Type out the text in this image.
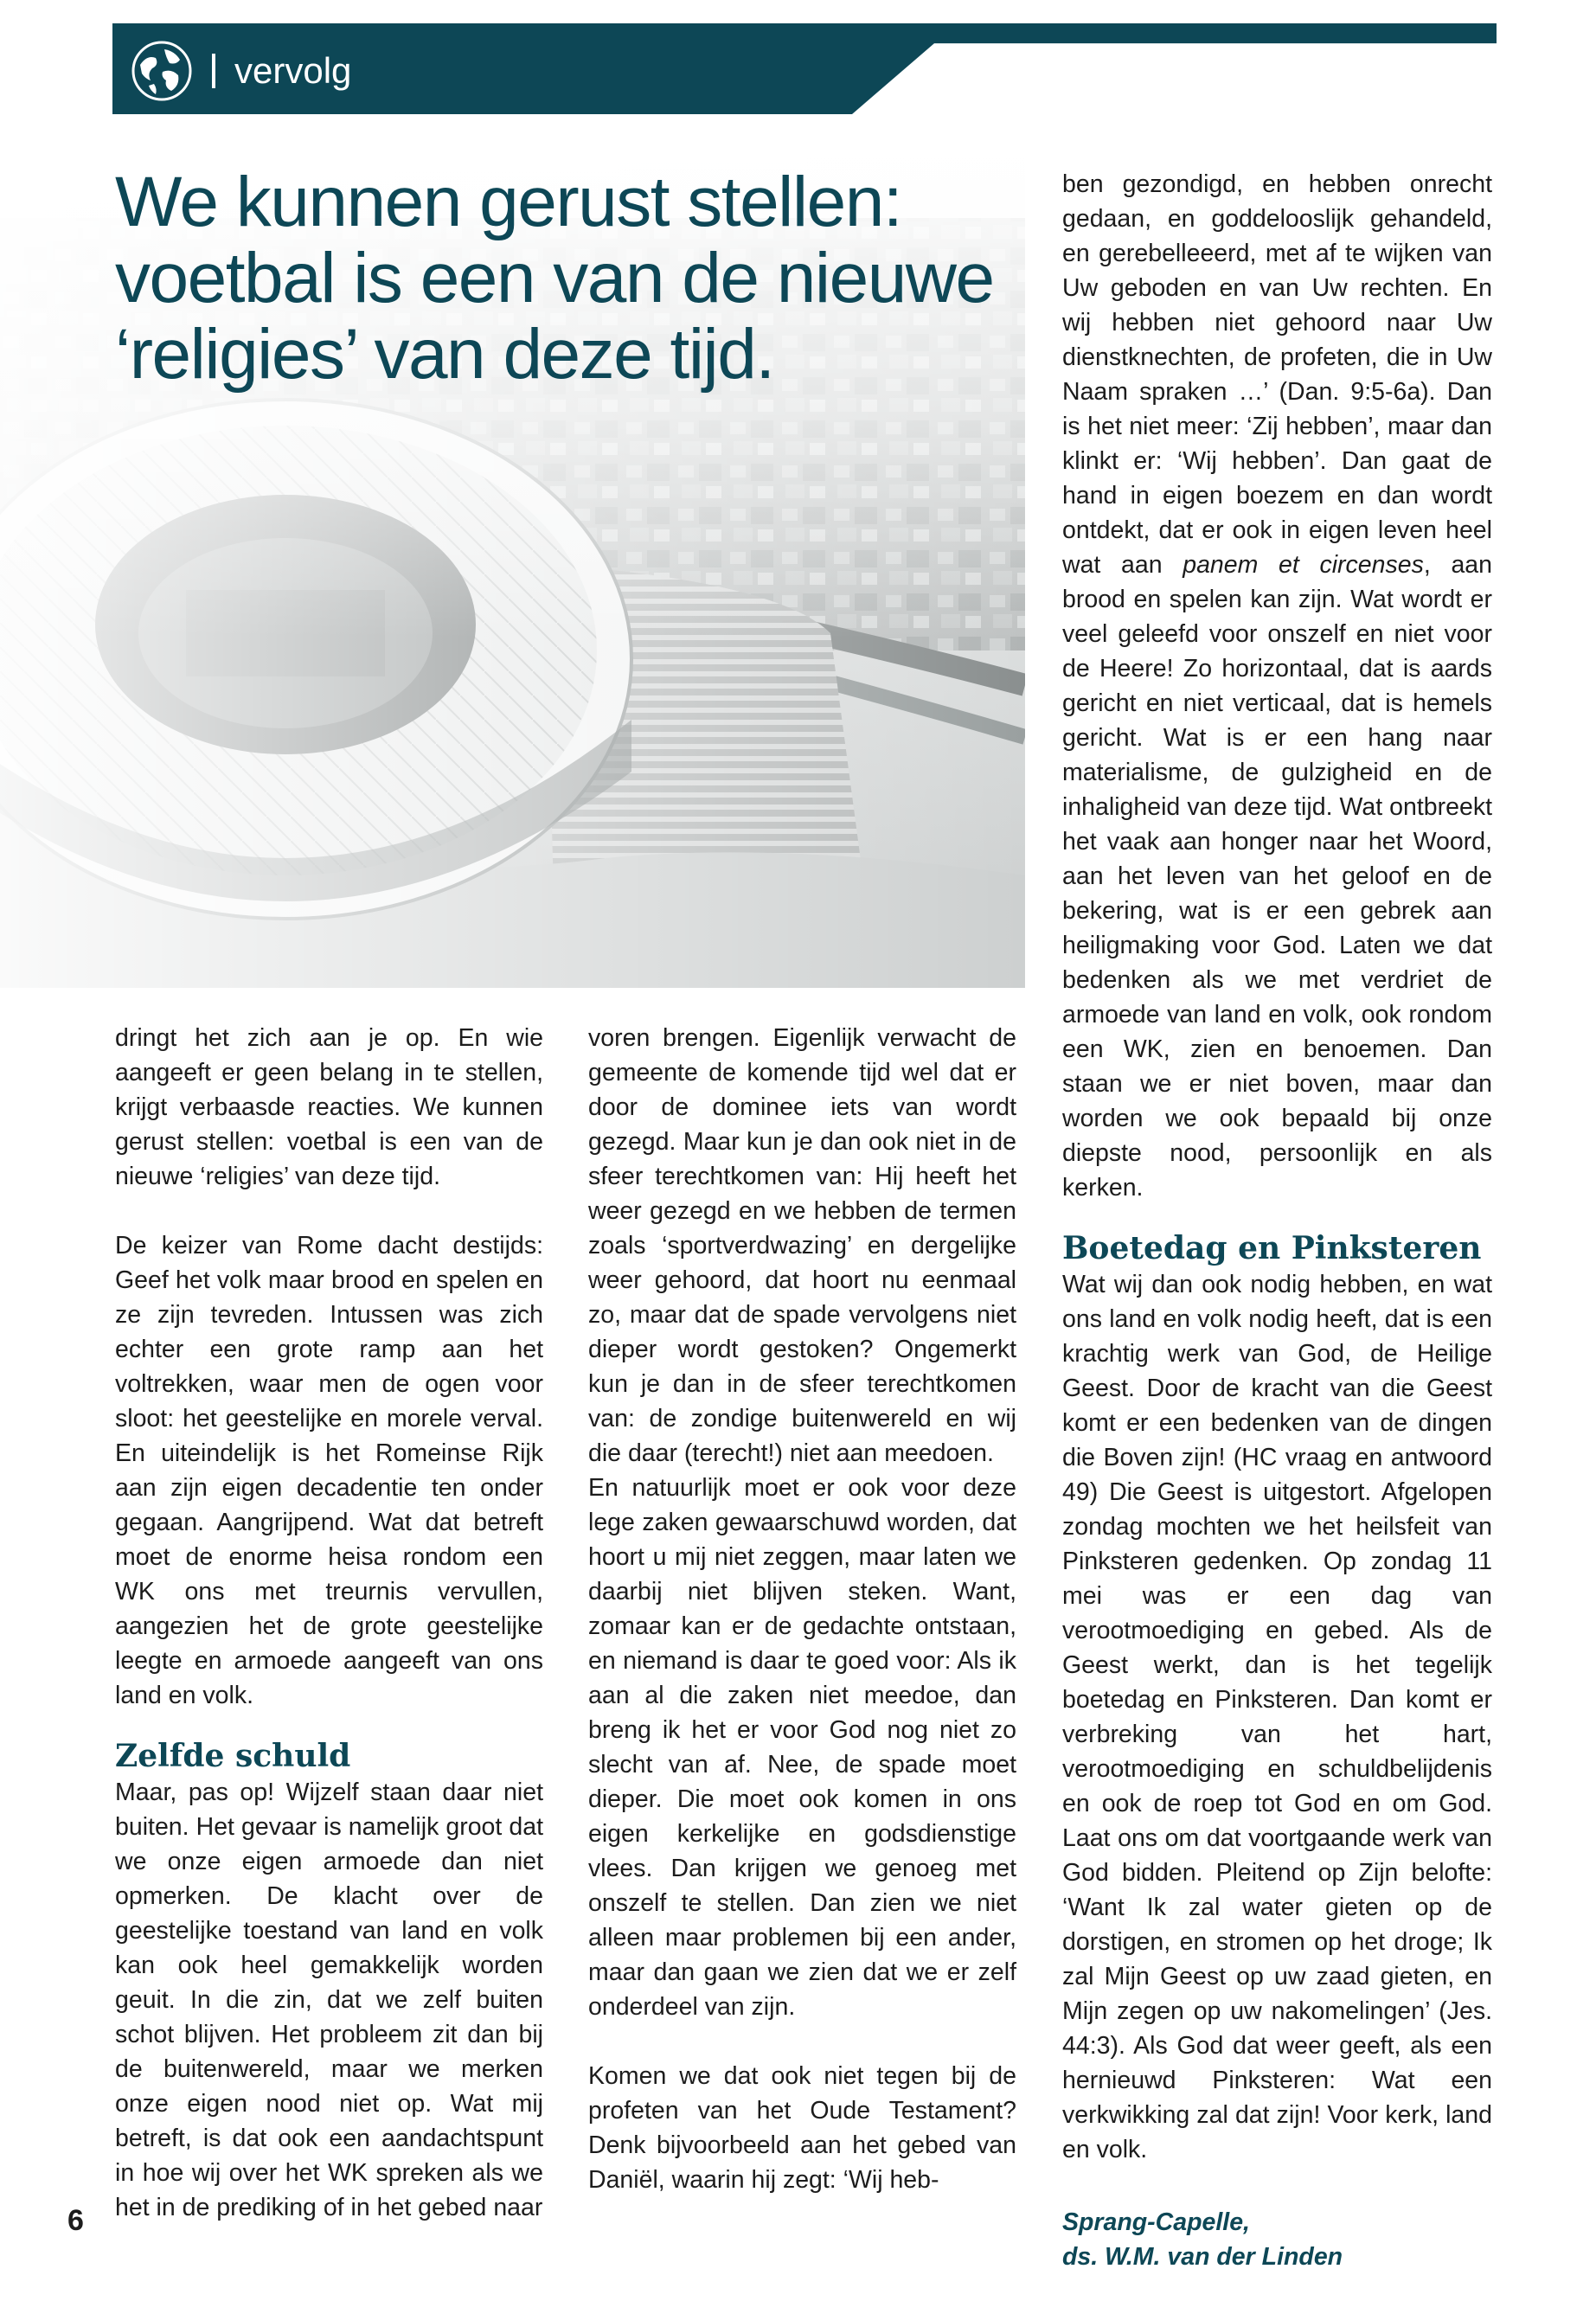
vervolg
We kunnen gerust stellen:
voetbal is een van de nieuwe
‘religies’ van deze tijd.

dringt het zich aan je op. En wie aangeeft er geen belang in te stellen, krijgt verbaasde reacties. We kunnen gerust stellen: voetbal is een van de nieuwe ‘religies’ van deze tijd.

De keizer van Rome dacht destijds: Geef het volk maar brood en spelen en ze zijn tevreden. Intussen was zich echter een grote ramp aan het voltrekken, waar men de ogen voor sloot: het geestelijke en morele verval. En uiteindelijk is het Romeinse Rijk aan zijn eigen decadentie ten onder gegaan. Aangrijpend. Wat dat betreft moet de enorme heisa rondom een WK ons met treurnis vervullen, aangezien het de grote geestelijke leegte en armoede aangeeft van ons land en volk.

Zelfde schuld

Maar, pas op! Wijzelf staan daar niet buiten. Het gevaar is namelijk groot dat we onze eigen armoede dan niet opmerken. De klacht over de geestelijke toestand van land en volk kan ook heel gemakkelijk worden geuit. In die zin, dat we zelf buiten schot blijven. Het probleem zit dan bij de buitenwereld, maar we merken onze eigen nood niet op. Wat mij betreft, is dat ook een aandachtspunt in hoe wij over het WK spreken als we het in de prediking of in het gebed naar

voren brengen. Eigenlijk verwacht de gemeente de komende tijd wel dat er door de dominee iets van wordt gezegd. Maar kun je dan ook niet in de sfeer terechtkomen van: Hij heeft het weer gezegd en we hebben de termen zoals ‘sportverdwazing’ en dergelijke weer gehoord, dat hoort nu eenmaal zo, maar dat de spade vervolgens niet dieper wordt gestoken? Ongemerkt kun je dan in de sfeer terechtkomen van: de zondige buitenwereld en wij die daar (terecht!) niet aan meedoen.

En natuurlijk moet er ook voor deze lege zaken gewaarschuwd worden, dat hoort u mij niet zeggen, maar laten we daarbij niet blijven steken. Want, zomaar kan er de gedachte ontstaan, en niemand is daar te goed voor: Als ik aan al die zaken niet meedoe, dan breng ik het er voor God nog niet zo slecht van af. Nee, de spade moet dieper. Die moet ook komen in ons eigen kerkelijke en godsdienstige vlees. Dan krijgen we genoeg met onszelf te stellen. Dan zien we niet alleen maar problemen bij een ander, maar dan gaan we zien dat we er zelf onderdeel van zijn.

Komen we dat ook niet tegen bij de profeten van het Oude Testament? Denk bijvoorbeeld aan het gebed van Daniël, waarin hij zegt: ‘Wij heb-

ben gezondigd, en hebben onrecht gedaan, en goddelooslijk gehandeld, en gerebelleeerd, met af te wijken van Uw geboden en van Uw rechten. En wij hebben niet gehoord naar Uw dienstknechten, de profeten, die in Uw Naam spraken …’ (Dan. 9:5-6a). Dan is het niet meer: ‘Zij hebben’, maar dan klinkt er: ‘Wij hebben’. Dan gaat de hand in eigen boezem en dan wordt ontdekt, dat er ook in eigen leven heel wat aan panem et circenses, aan brood en spelen kan zijn. Wat wordt er veel geleefd voor onszelf en niet voor de Heere! Zo horizontaal, dat is aards gericht en niet verticaal, dat is hemels gericht. Wat is er een hang naar materialisme, de gulzigheid en de inhaligheid van deze tijd. Wat ontbreekt het vaak aan honger naar het Woord, aan het leven van het geloof en de bekering, wat is er een gebrek aan heiligmaking voor God. Laten we dat bedenken als we met verdriet de armoede van land en volk, ook rondom een WK, zien en benoemen. Dan staan we er niet boven, maar dan worden we ook bepaald bij onze diepste nood, persoonlijk en als kerken.

Boetedag en Pinksteren

Wat wij dan ook nodig hebben, en wat ons land en volk nodig heeft, dat is een krachtig werk van God, de Heilige Geest. Door de kracht van die Geest komt er een bedenken van de dingen die Boven zijn! (HC vraag en antwoord 49) Die Geest is uitgestort. Afgelopen zondag mochten we het heilsfeit van Pinksteren gedenken. Op zondag 11 mei was er een dag van verootmoediging en gebed. Als de Geest werkt, dan is het tegelijk boetedag en Pinksteren. Dan komt er verbreking van het hart, verootmoediging en schuldbelijdenis en ook de roep tot God en om God. Laat ons om dat voortgaande werk van God bidden. Pleitend op Zijn belofte: ‘Want Ik zal water gieten op de dorstigen, en stromen op het droge; Ik zal Mijn Geest op uw zaad gieten, en Mijn zegen op uw nakomelingen’ (Jes. 44:3). Als God dat weer geeft, als een hernieuwd Pinksteren: Wat een verkwikking zal dat zijn! Voor kerk, land en volk.

Sprang-Capelle,
ds. W.M. van der Linden
6
